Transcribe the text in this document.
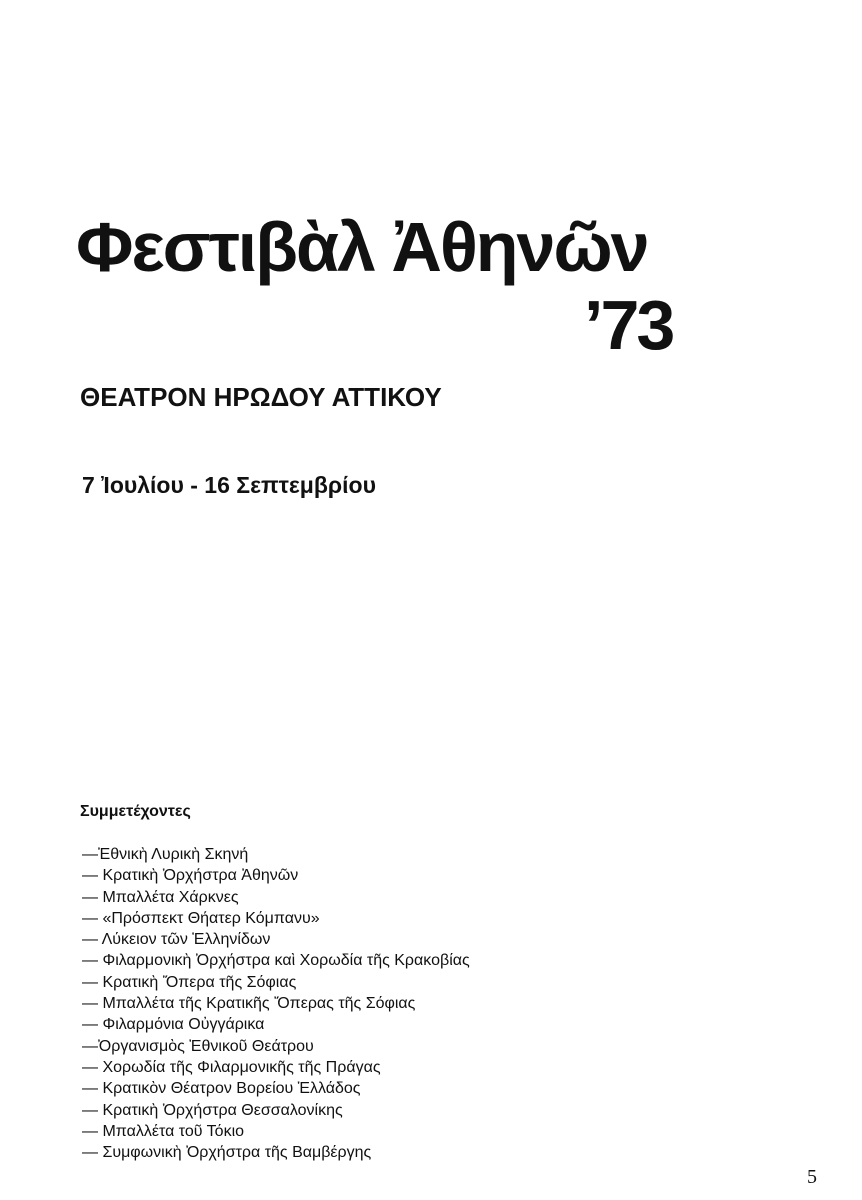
Φεστιβὰλ Ἀθηνῶν
’73
ΘΕΑΤΡΟΝ ΗΡΩΔΟΥ ΑΤΤΙΚΟΥ
7 Ἰουλίου - 16 Σεπτεμβρίου
Συμμετέχοντες
—Ἐθνικὴ Λυρικὴ Σκηνή
— Κρατικὴ Ὀρχήστρα Ἀθηνῶν
— Μπαλλέτα Χάρκνες
— «Πρόσπεκτ Θήατερ Κόμπανυ»
— Λύκειον τῶν Ἑλληνίδων
— Φιλαρμονικὴ Ὀρχήστρα καὶ Χορωδία τῆς Κρακοβίας
— Κρατικὴ Ὄπερα τῆς Σόφιας
— Μπαλλέτα τῆς Κρατικῆς Ὄπερας τῆς Σόφιας
— Φιλαρμόνια Οὐγγάρικα
—Ὀργανισμὸς Ἐθνικοῦ Θεάτρου
— Χορωδία τῆς Φιλαρμονικῆς τῆς Πράγας
— Κρατικὸν Θέατρον Βορείου Ἑλλάδος
— Κρατικὴ Ὀρχήστρα Θεσσαλονίκης
— Μπαλλέτα τοῦ Τόκιο
— Συμφωνικὴ Ὀρχήστρα τῆς Βαμβέργης
5
